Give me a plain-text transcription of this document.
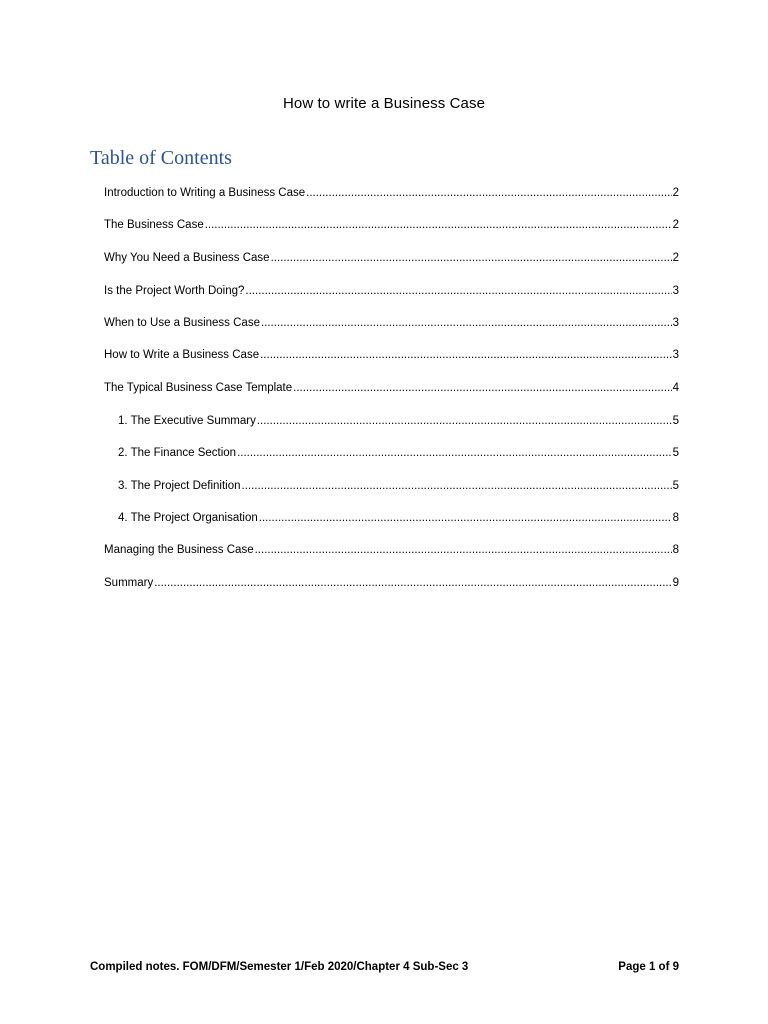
How to write a Business Case
Table of Contents
Introduction to Writing a Business Case .....	2
The Business Case .....	2
Why You Need a Business Case .....	2
Is the Project Worth Doing? .....	3
When to Use a Business Case .....	3
How to Write a Business Case .....	3
The Typical Business Case Template .....	4
1. The Executive Summary .....	5
2. The Finance Section .....	5
3. The Project Definition .....	5
4. The Project Organisation .....	8
Managing the Business Case .....	8
Summary .....	9
Compiled notes. FOM/DFM/Semester 1/Feb 2020/Chapter 4 Sub-Sec 3	Page 1 of 9
